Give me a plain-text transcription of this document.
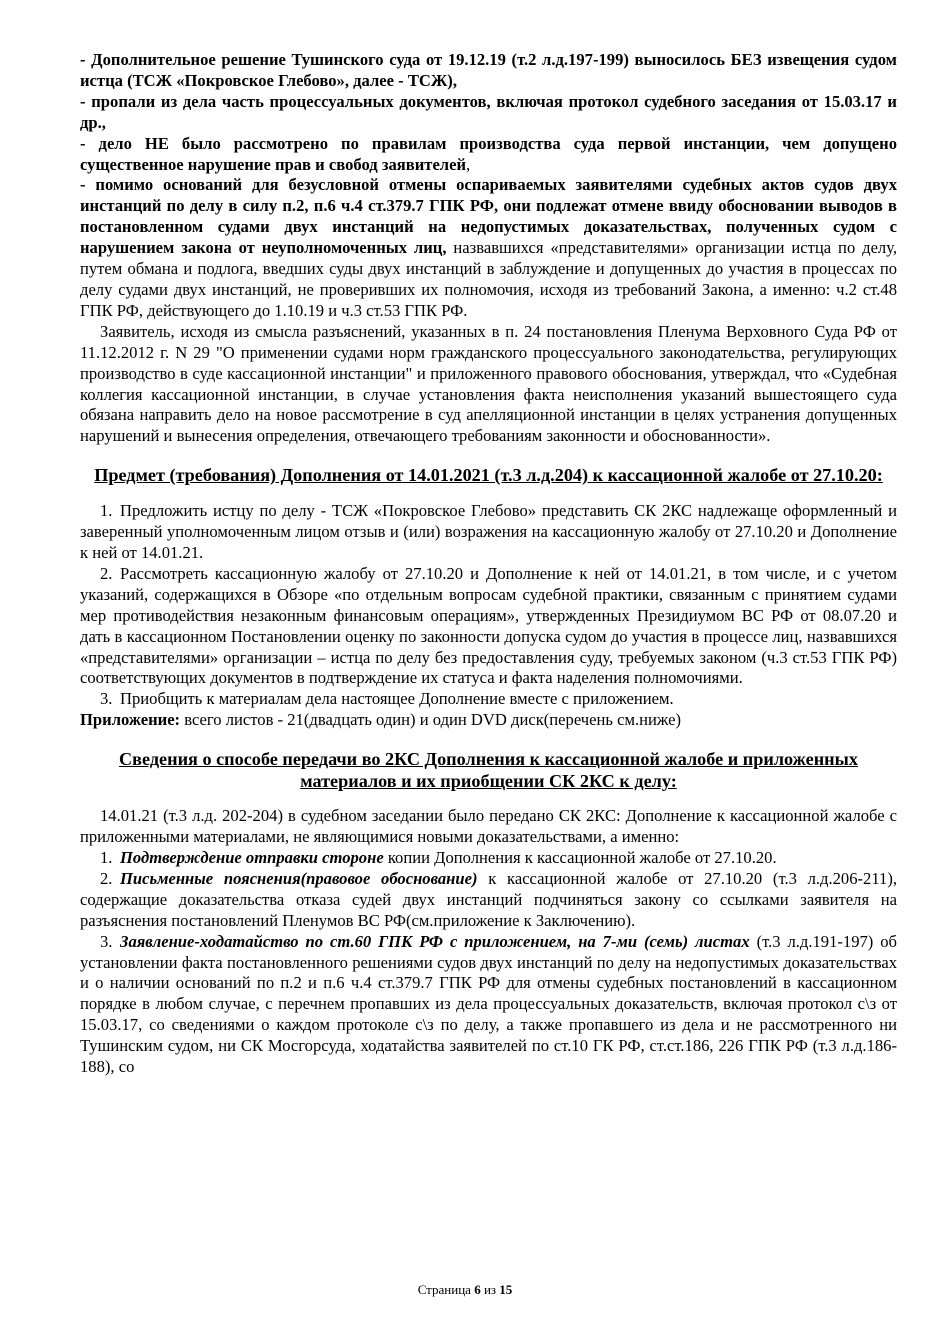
- Дополнительное решение Тушинского суда от 19.12.19 (т.2 л.д.197-199) выносилось БЕЗ извещения судом истца (ТСЖ «Покровское Глебово», далее - ТСЖ),

- пропали из дела часть процессуальных документов, включая протокол судебного заседания от 15.03.17 и др.,

- дело НЕ было рассмотрено по правилам производства суда первой инстанции, чем допущено существенное нарушение прав и свобод заявителей,

- помимо оснований для безусловной отмены оспариваемых заявителями судебных актов судов двух инстанций по делу в силу п.2, п.6 ч.4 ст.379.7 ГПК РФ, они подлежат отмене ввиду обосновании выводов в постановленном судами двух инстанций на недопустимых доказательствах, полученных судом с нарушением закона от неуполномоченных лиц, назвавшихся «представителями» организации истца по делу, путем обмана и подлога, введших суды двух инстанций в заблуждение и допущенных до участия в процессах по делу судами двух инстанций, не проверивших их полномочия, исходя из требований Закона, а именно: ч.2 ст.48 ГПК РФ, действующего до 1.10.19 и ч.3 ст.53 ГПК РФ.

Заявитель, исходя из смысла разъяснений, указанных в п. 24 постановления Пленума Верховного Суда РФ от 11.12.2012 г. N 29 "О применении судами норм гражданского процессуального законодательства, регулирующих производство в суде кассационной инстанции" и приложенного правового обоснования, утверждал, что «Судебная коллегия кассационной инстанции, в случае установления факта неисполнения указаний вышестоящего суда обязана направить дело на новое рассмотрение в суд апелляционной инстанции в целях устранения допущенных нарушений и вынесения определения, отвечающего требованиям законности и обоснованности».

Предмет (требования) Дополнения от 14.01.2021 (т.3 л.д.204) к кассационной жалобе от 27.10.20:

1. Предложить истцу по делу - ТСЖ «Покровское Глебово» представить СК 2КС надлежаще оформленный и заверенный уполномоченным лицом отзыв и (или) возражения на кассационную жалобу от 27.10.20 и Дополнение к ней от 14.01.21.

2. Рассмотреть кассационную жалобу от 27.10.20 и Дополнение к ней от 14.01.21, в том числе, и с учетом указаний, содержащихся в Обзоре «по отдельным вопросам судебной практики, связанным с принятием судами мер противодействия незаконным финансовым операциям», утвержденных Президиумом ВС РФ от 08.07.20 и дать в кассационном Постановлении оценку по законности допуска судом до участия в процессе лиц, назвавшихся «представителями» организации – истца по делу без предоставления суду, требуемых законом (ч.3 ст.53 ГПК РФ) соответствующих документов в подтверждение их статуса и факта наделения полномочиями.

3. Приобщить к материалам дела настоящее Дополнение вместе с приложением.

Приложение: всего листов - 21(двадцать один) и один DVD диск(перечень см.ниже)

Сведения о способе передачи во 2КС Дополнения к кассационной жалобе и приложенных материалов и их приобщении СК 2КС к делу:

14.01.21 (т.3 л.д. 202-204) в судебном заседании было передано СК 2КС: Дополнение к кассационной жалобе с приложенными материалами, не являющимися новыми доказательствами, а именно:

1. Подтверждение отправки стороне копии Дополнения к кассационной жалобе от 27.10.20.

2. Письменные пояснения(правовое обоснование) к кассационной жалобе от 27.10.20 (т.3 л.д.206-211), содержащие доказательства отказа судей двух инстанций подчиняться закону со ссылками заявителя на разъяснения постановлений Пленумов ВС РФ(см.приложение к Заключению).

3. Заявление-ходатайство по ст.60 ГПК РФ с приложением, на 7-ми (семь) листах (т.3 л.д.191-197) об установлении факта постановленного решениями судов двух инстанций по делу на недопустимых доказательствах и о наличии оснований по п.2 и п.6 ч.4 ст.379.7 ГПК РФ для отмены судебных постановлений в кассационном порядке в любом случае, с перечнем пропавших из дела процессуальных доказательств, включая протокол с\з от 15.03.17, со сведениями о каждом протоколе с\з по делу, а также пропавшего из дела и не рассмотренного ни Тушинским судом, ни СК Мосгорсуда, ходатайства заявителей по ст.10 ГК РФ, ст.ст.186, 226 ГПК РФ (т.3 л.д.186-188), со

Страница 6 из 15
